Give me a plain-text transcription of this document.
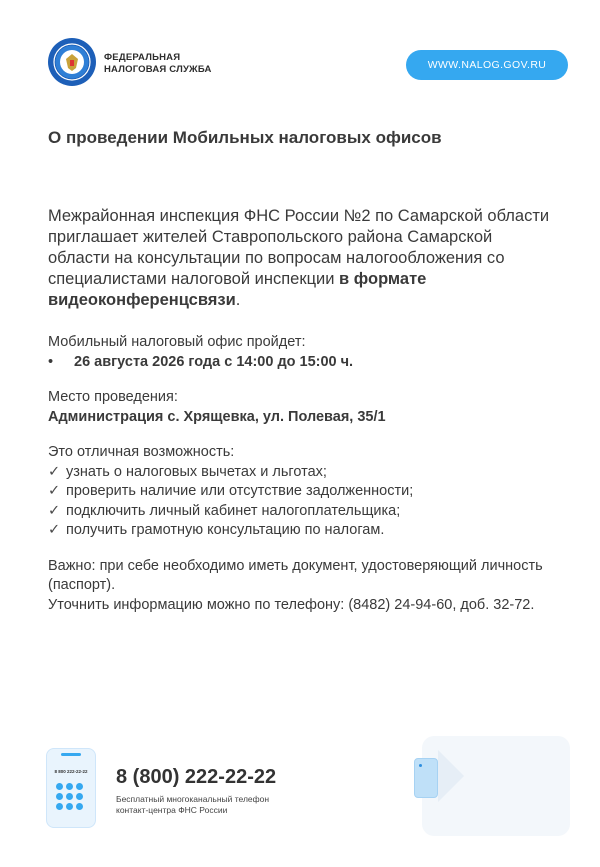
ФЕДЕРАЛЬНАЯ
НАЛОГОВАЯ СЛУЖБА	WWW.NALOG.GOV.RU
О проведении Мобильных налоговых офисов

Межрайонная инспекция ФНС России №2 по Самарской области приглашает жителей Ставропольского района Самарской области на консультации по вопросам налогообложения со специалистами налоговой инспекции в формате видеоконференцсвязи.

Мобильный налоговый офис пройдет:
•	26 августа 2026 года с 14:00 до 15:00 ч.
Место проведения:
Администрация с. Хрящевка, ул. Полевая, 35/1
Это отличная возможность:
✓ узнать о налоговых вычетах и льготах;
✓ проверить наличие или отсутствие задолженности;
✓ подключить личный кабинет налогоплательщика;
✓ получить грамотную консультацию по налогам.
Важно: при себе необходимо иметь документ, удостоверяющий личность (паспорт).
Уточнить информацию можно по телефону: (8482) 24-94-60, доб. 32-72.
8 800 222-22-22 8 (800) 222-22-22
Бесплатный многоканальный телефон
контакт-центра ФНС России
